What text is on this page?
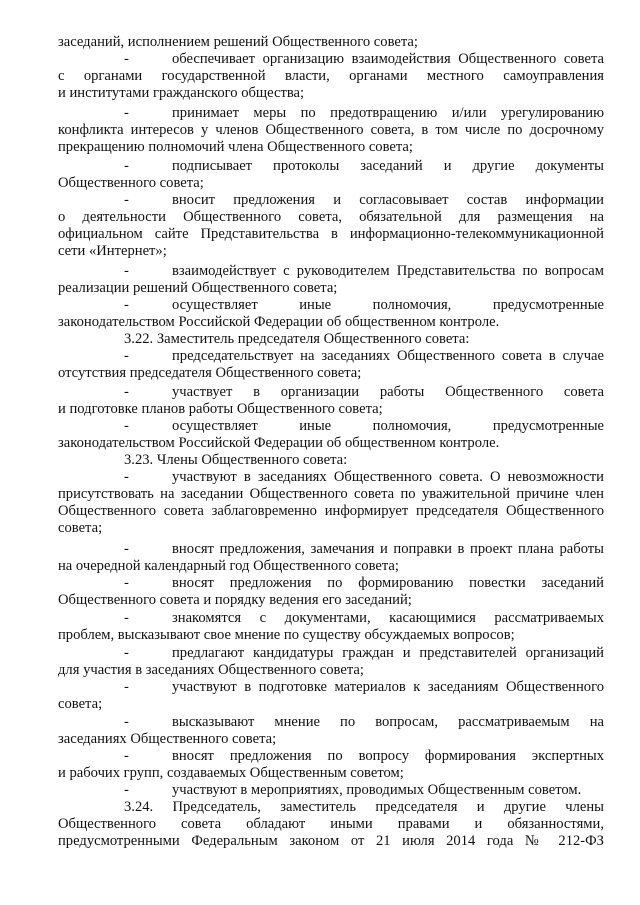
заседаний, исполнением решений Общественного совета;
-	обеспечивает организацию взаимодействия Общественного совета
с органами государственной власти, органами местного самоуправления
и институтами гражданского общества;
-	принимает меры по предотвращению и/или урегулированию
конфликта интересов у членов Общественного совета, в том числе по досрочному
прекращению полномочий члена Общественного совета;
-	подписывает протоколы заседаний и другие документы
Общественного совета;
-	вносит предложения и согласовывает состав информации
о деятельности Общественного совета, обязательной для размещения на
официальном сайте Представительства в информационно-телекоммуникационной
сети «Интернет»;
-	взаимодействует с руководителем Представительства по вопросам
реализации решений Общественного совета;
-	осуществляет иные полномочия, предусмотренные
законодательством Российской Федерации об общественном контроле.
3.22. Заместитель председателя Общественного совета:
-	председательствует на заседаниях Общественного совета в случае
отсутствия председателя Общественного совета;
-	участвует в организации работы Общественного совета
и подготовке планов работы Общественного совета;
-	осуществляет иные полномочия, предусмотренные
законодательством Российской Федерации об общественном контроле.
3.23. Члены Общественного совета:
-	участвуют в заседаниях Общественного совета. О невозможности
присутствовать на заседании Общественного совета по уважительной причине член
Общественного совета заблаговременно информирует председателя Общественного
совета;
-	вносят предложения, замечания и поправки в проект плана работы
на очередной календарный год Общественного совета;
-	вносят предложения по формированию повестки заседаний
Общественного совета и порядку ведения его заседаний;
-	знакомятся с документами, касающимися рассматриваемых
проблем, высказывают свое мнение по существу обсуждаемых вопросов;
-	предлагают кандидатуры граждан и представителей организаций
для участия в заседаниях Общественного совета;
-	участвуют в подготовке материалов к заседаниям Общественного
совета;
-	высказывают мнение по вопросам, рассматриваемым на
заседаниях Общественного совета;
-	вносят предложения по вопросу формирования экспертных
и рабочих групп, создаваемых Общественным советом;
-	участвуют в мероприятиях, проводимых Общественным советом.
3.24. Председатель, заместитель председателя и другие члены
Общественного совета обладают иными правами и обязанностями,
предусмотренными Федеральным законом от 21 июля 2014 года № 212-ФЗ
